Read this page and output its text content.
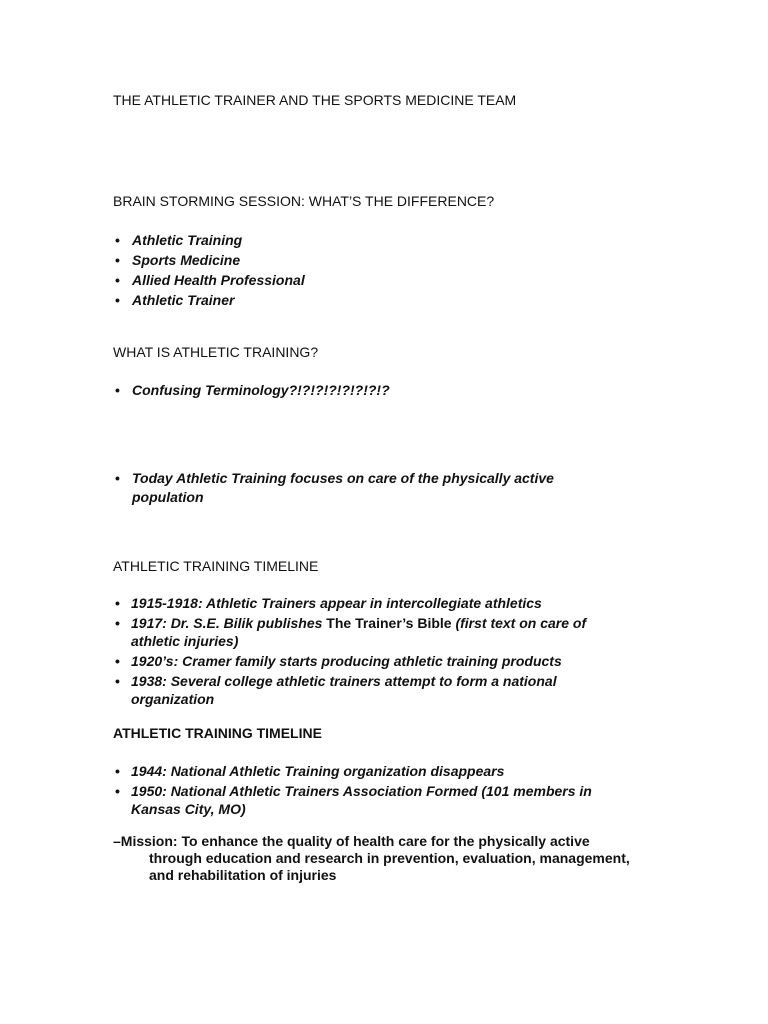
THE ATHLETIC TRAINER AND THE SPORTS MEDICINE TEAM
BRAIN STORMING SESSION: WHAT’S THE DIFFERENCE?
• Athletic Training
• Sports Medicine
• Allied Health Professional
• Athletic Trainer
WHAT IS ATHLETIC TRAINING?
• Confusing Terminology?!?!?!?!?!?!?!?
• Today Athletic Training focuses on care of the physically active population
ATHLETIC TRAINING TIMELINE
• 1915-1918: Athletic Trainers appear in intercollegiate athletics
• 1917: Dr. S.E. Bilik publishes The Trainer’s Bible (first text on care of athletic injuries)
• 1920’s: Cramer family starts producing athletic training products
• 1938: Several college athletic trainers attempt to form a national organization
ATHLETIC TRAINING TIMELINE
• 1944: National Athletic Training organization disappears
• 1950: National Athletic Trainers Association Formed (101 members in Kansas City, MO)
–Mission: To enhance the quality of health care for the physically active
through education and research in prevention, evaluation, management, and rehabilitation of injuries
